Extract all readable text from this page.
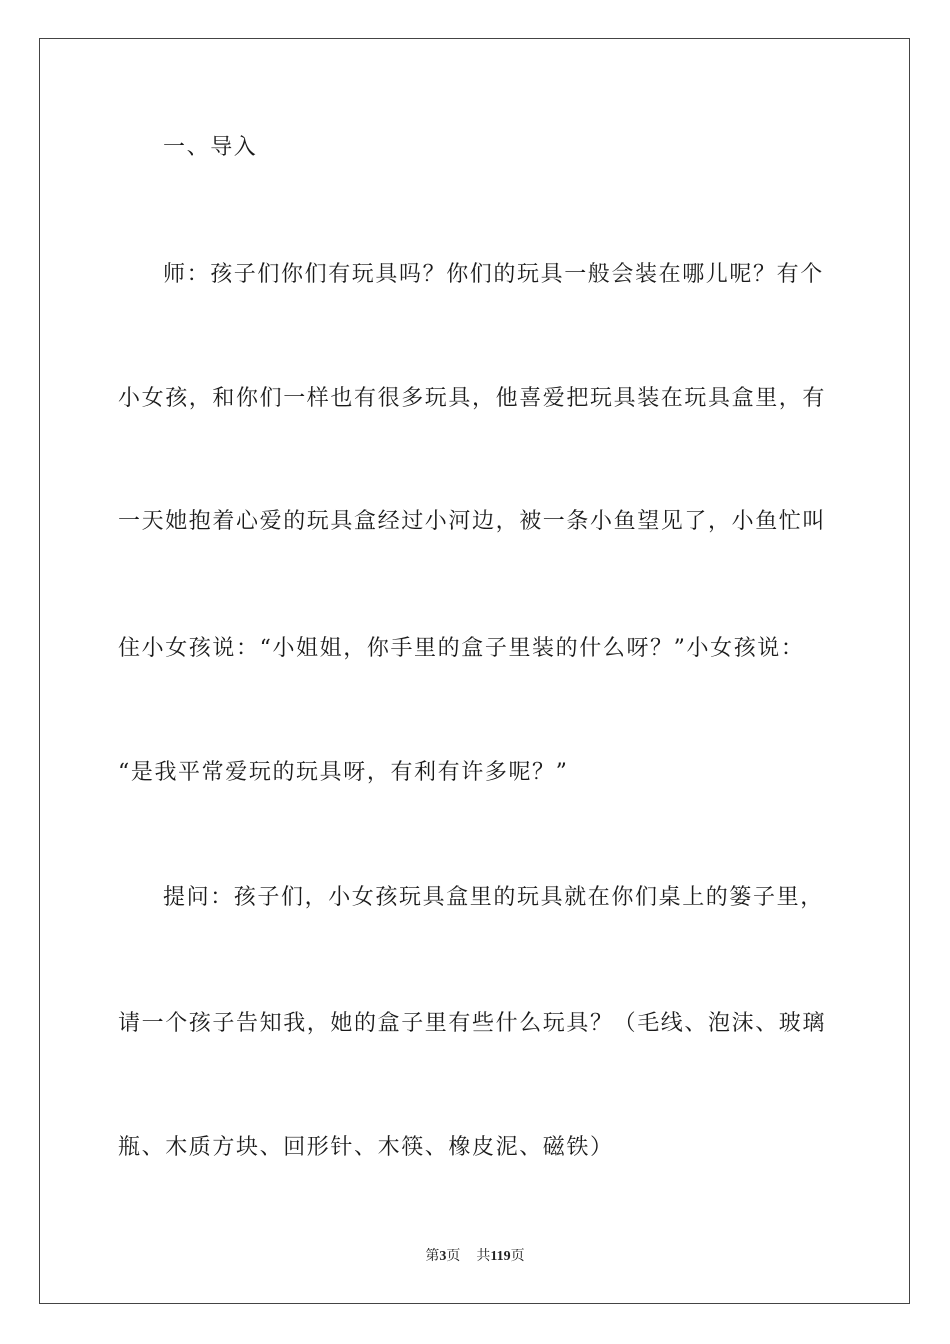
一、导入
师：孩子们你们有玩具吗？你们的玩具一般会装在哪儿呢？有个
小女孩，和你们一样也有很多玩具，他喜爱把玩具装在玩具盒里，有
一天她抱着心爱的玩具盒经过小河边，被一条小鱼望见了，小鱼忙叫
住小女孩说：“小姐姐，你手里的盒子里装的什么呀？”小女孩说：
“是我平常爱玩的玩具呀，有利有许多呢？”
提问：孩子们，小女孩玩具盒里的玩具就在你们桌上的篓子里，
请一个孩子告知我，她的盒子里有些什么玩具？（毛线、泡沫、玻璃
瓶、木质方块、回形针、木筷、橡皮泥、磁铁）
第3页 共119页
